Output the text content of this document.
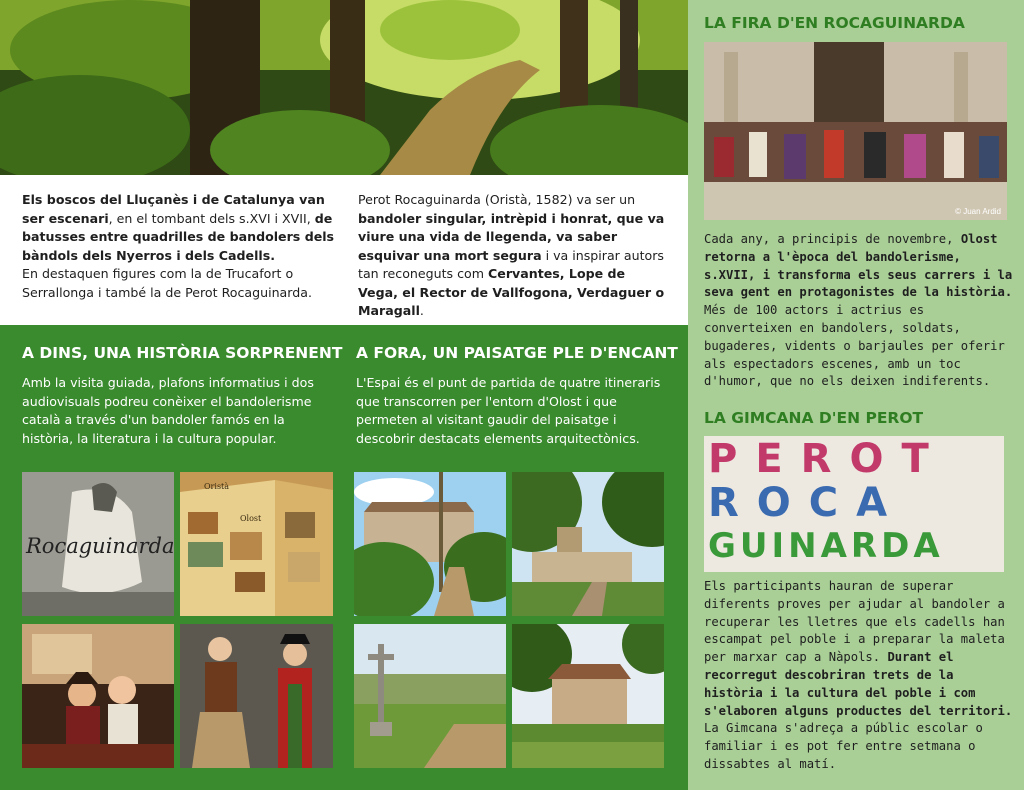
Els boscos del Lluçanès i de Catalunya van ser escenari, en el tombant dels s.XVI i XVII, de batusses entre quadrilles de bandolers dels bàndols dels Nyerros i dels Cadells.
En destaquen figures com la de Trucafort o Serrallonga i també la de Perot Rocaguinarda.
Perot Rocaguinarda (Oristà, 1582) va ser un bandoler singular, intrèpid i honrat, que va viure una vida de llegenda, va saber esquivar una mort segura i va inspirar autors tan reconeguts com Cervantes, Lope de Vega, el Rector de Vallfogona, Verdaguer o Maragall.
A DINS, UNA HISTÒRIA SORPRENENT
Amb la visita guiada, plafons informatius i dos audiovisuals podreu conèixer el bandolerisme català a través d'un bandoler famós en la història, la literatura i la cultura popular.
A FORA, UN PAISATGE PLE D'ENCANT
L'Espai és el punt de partida de quatre itineraris que transcorren per l'entorn d'Olost i que permeten al visitant gaudir del paisatge i descobrir destacats elements arquitectònics.
Rocaguinarda
Oristà
Olost
LA FIRA D'EN ROCAGUINARDA
© Juan Ardid
Cada any, a principis de novembre, Olost retorna a l'època del bandolerisme, s.XVII, i transforma els seus carrers i la seva gent en protagonistes de la història. Més de 100 actors i actrius es converteixen en bandolers, soldats, bugaderes, vidents o barjaules per oferir als espectadors escenes, amb un toc d'humor, que no els deixen indiferents.
LA GIMCANA D'EN PEROT
PEROT
ROCA
GUINARDA
Els participants hauran de superar diferents proves per ajudar al bandoler a recuperar les lletres que els cadells han escampat pel poble i a preparar la maleta per marxar cap a Nàpols. Durant el recorregut descobriran trets de la història i la cultura del poble i com s'elaboren alguns productes del territori. La Gimcana s'adreça a públic escolar o familiar i es pot fer entre setmana o dissabtes al matí.
